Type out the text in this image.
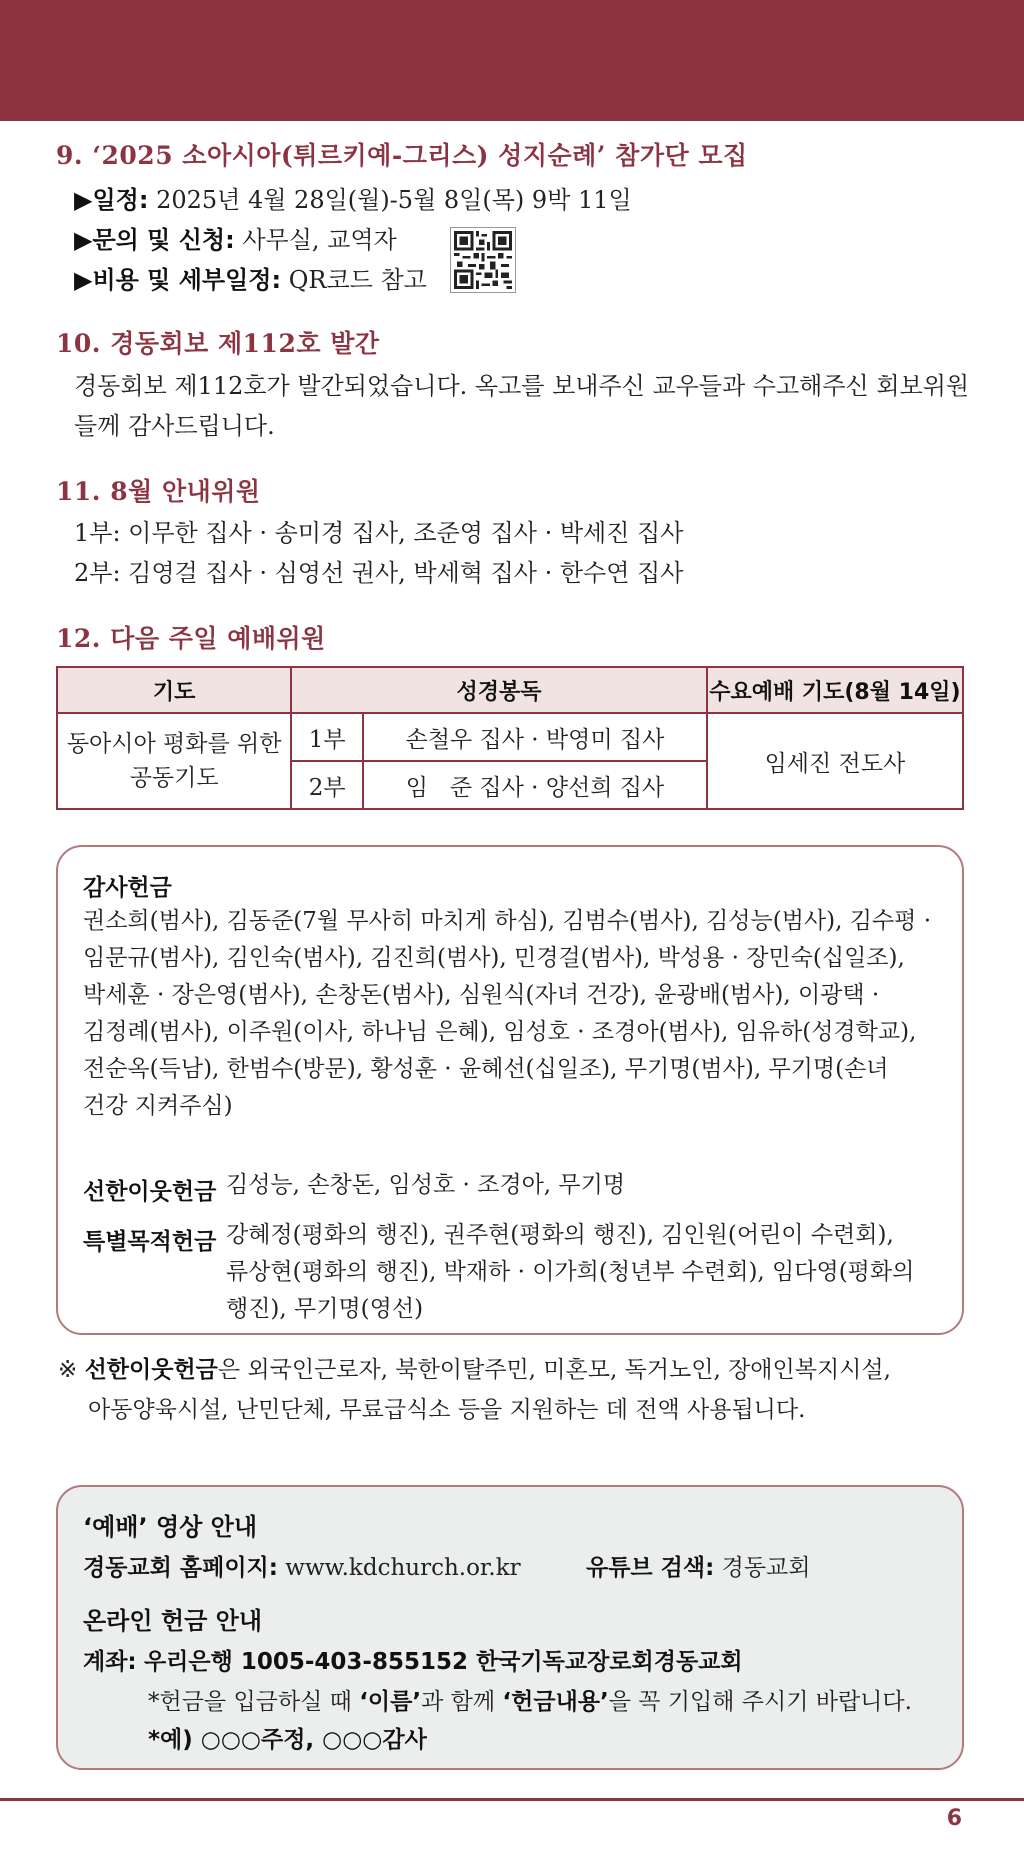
9. ‘2025 소아시아(튀르키예-그리스) 성지순례’ 참가단 모집
▶일정: 2025년 4월 28일(월)-5월 8일(목) 9박 11일
▶문의 및 신청: 사무실, 교역자
▶비용 및 세부일정: QR코드 참고
10. 경동회보 제112호 발간
경동회보 제112호가 발간되었습니다. 옥고를 보내주신 교우들과 수고해주신 회보위원
들께 감사드립니다.
11. 8월 안내위원
1부: 이무한 집사 · 송미경 집사, 조준영 집사 · 박세진 집사
2부: 김영걸 집사 · 심영선 권사, 박세혁 집사 · 한수연 집사
12. 다음 주일 예배위원
기도	성경봉독		수요예배 기도(8월 14일)

동아시아 평화를 위한
공동기도	1부	손철우 집사 · 박영미 집사	임세진 전도사
	2부	임   준 집사 · 양선희 집사	
감사헌금
권소희(범사), 김동준(7월 무사히 마치게 하심), 김범수(범사), 김성능(범사), 김수평 ·
임문규(범사), 김인숙(범사), 김진희(범사), 민경걸(범사), 박성용 · 장민숙(십일조),
박세훈 · 장은영(범사), 손창돈(범사), 심원식(자녀 건강), 윤광배(범사), 이광택 ·
김정례(범사), 이주원(이사, 하나님 은혜), 임성호 · 조경아(범사), 임유하(성경학교),
전순옥(득남), 한범수(방문), 황성훈 · 윤혜선(십일조), 무기명(범사), 무기명(손녀
건강 지켜주심)
선한이웃헌금 김성능, 손창돈, 임성호 · 조경아, 무기명
특별목적헌금 강혜정(평화의 행진), 권주현(평화의 행진), 김인원(어린이 수련회),
류상현(평화의 행진), 박재하 · 이가희(청년부 수련회), 임다영(평화의
행진), 무기명(영선)
※ 선한이웃헌금은 외국인근로자, 북한이탈주민, 미혼모, 독거노인, 장애인복지시설,
아동양육시설, 난민단체, 무료급식소 등을 지원하는 데 전액 사용됩니다.
‘예배’ 영상 안내
경동교회 홈페이지: www.kdchurch.or.kr	유튜브 검색: 경동교회
온라인 헌금 안내
계좌: 우리은행 1005-403-855152 한국기독교장로회경동교회
*헌금을 입금하실 때 ‘이름’과 함께 ‘헌금내용’을 꼭 기입해 주시기 바랍니다.
*예) ○○○주정, ○○○감사
6
